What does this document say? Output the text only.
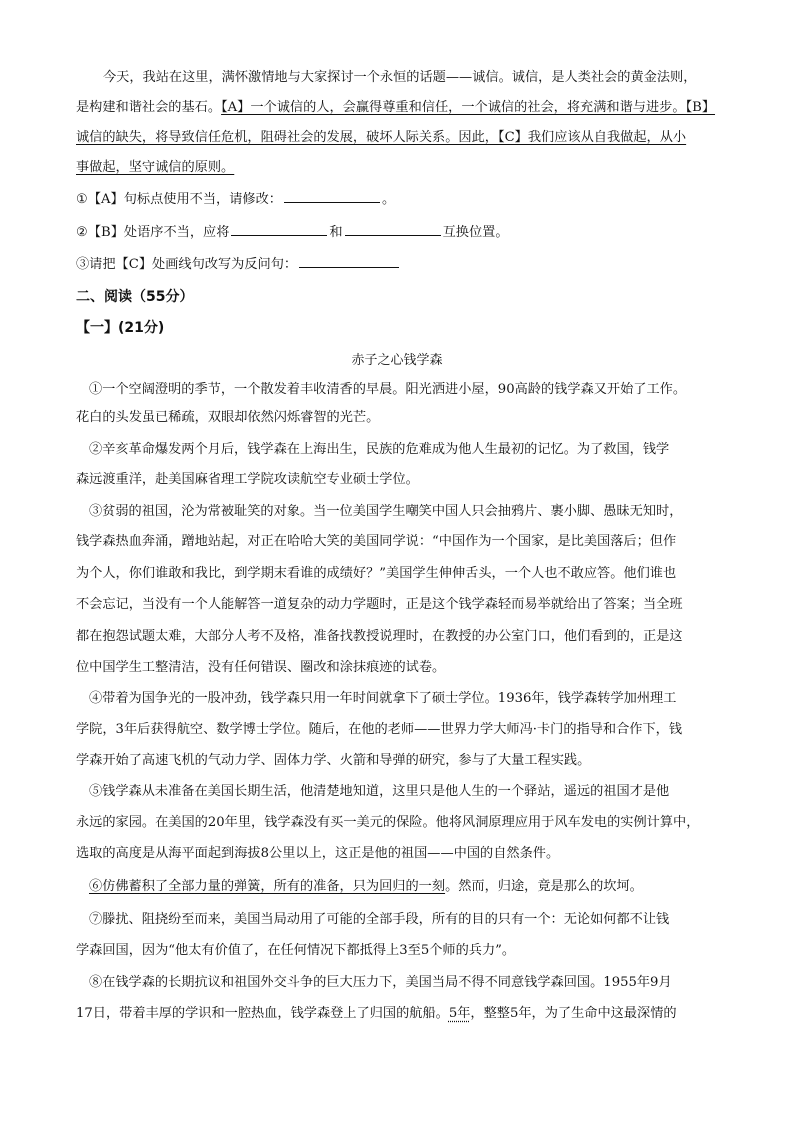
今天，我站在这里，满怀激情地与大家探讨一个永恒的话题——诚信。诚信，是人类社会的黄金法则，
是构建和谐社会的基石。【A】一个诚信的人，会赢得尊重和信任，一个诚信的社会，将充满和谐与进步。【B】
诚信的缺失，将导致信任危机，阻碍社会的发展，破坏人际关系。因此，【C】我们应该从自我做起，从小
事做起，坚守诚信的原则。
①【A】句标点使用不当，请修改：	。
②【B】处语序不当，应将	和	互换位置。
③请把【C】处画线句改写为反问句：
二、阅读（55分）
【一】(21分)
赤子之心钱学森
①一个空阔澄明的季节，一个散发着丰收清香的早晨。阳光洒进小屋，90高龄的钱学森又开始了工作。
花白的头发虽已稀疏，双眼却依然闪烁睿智的光芒。
②辛亥革命爆发两个月后，钱学森在上海出生，民族的危难成为他人生最初的记忆。为了救国，钱学
森远渡重洋，赴美国麻省理工学院攻读航空专业硕士学位。
③贫弱的祖国，沦为常被耻笑的对象。当一位美国学生嘲笑中国人只会抽鸦片、裹小脚、愚昧无知时，
钱学森热血奔涌，蹭地站起，对正在哈哈大笑的美国同学说：“中国作为一个国家，是比美国落后；但作
为个人，你们谁敢和我比，到学期末看谁的成绩好？”美国学生伸伸舌头，一个人也不敢应答。他们谁也
不会忘记，当没有一个人能解答一道复杂的动力学题时，正是这个钱学森轻而易举就给出了答案；当全班
都在抱怨试题太难，大部分人考不及格，准备找教授说理时，在教授的办公室门口，他们看到的，正是这
位中国学生工整清洁，没有任何错误、圈改和涂抹痕迹的试卷。
④带着为国争光的一股冲劲，钱学森只用一年时间就拿下了硕士学位。1936年，钱学森转学加州理工
学院，3年后获得航空、数学博士学位。随后，在他的老师——世界力学大师冯·卡门的指导和合作下，钱
学森开始了高速飞机的气动力学、固体力学、火箭和导弹的研究，参与了大量工程实践。
⑤钱学森从未准备在美国长期生活，他清楚地知道，这里只是他人生的一个驿站，遥远的祖国才是他
永远的家园。在美国的20年里，钱学森没有买一美元的保险。他将风洞原理应用于风车发电的实例计算中，
选取的高度是从海平面起到海拔8公里以上，这正是他的祖国——中国的自然条件。
⑥仿佛蓄积了全部力量的弹簧，所有的准备，只为回归的一刻。然而，归途，竟是那么的坎坷。
⑦滕扰、阻挠纷至而来，美国当局动用了可能的全部手段，所有的目的只有一个：无论如何都不让钱
学森回国，因为“他太有价值了，在任何情况下都抵得上3至5个师的兵力”。
⑧在钱学森的长期抗议和祖国外交斗争的巨大压力下，美国当局不得不同意钱学森回国。1955年9月
17日，带着丰厚的学识和一腔热血，钱学森登上了归国的航船。5年，整整5年，为了生命中这最深情的
